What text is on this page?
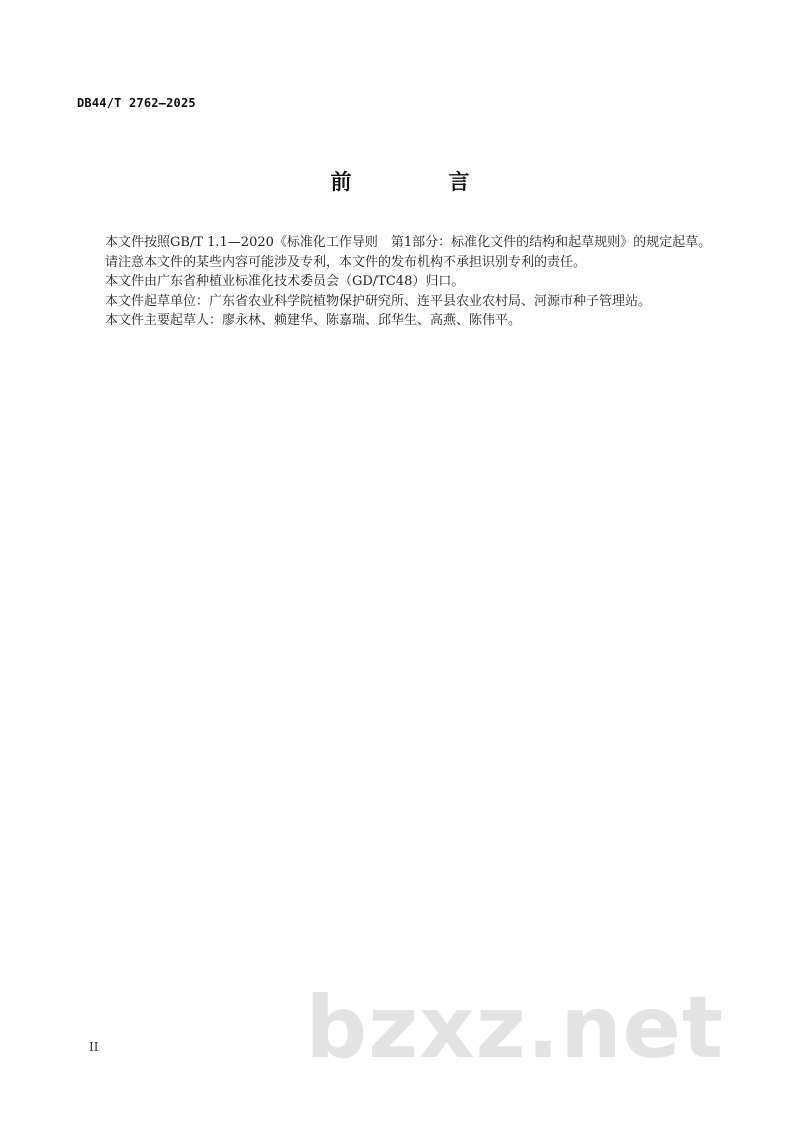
DB44/T 2762—2025
前　言

本文件按照GB/T 1.1—2020《标准化工作导则　第1部分：标准化文件的结构和起草规则》的规定起草。

请注意本文件的某些内容可能涉及专利，本文件的发布机构不承担识别专利的责任。

本文件由广东省种植业标准化技术委员会（GD/TC48）归口。

本文件起草单位：广东省农业科学院植物保护研究所、连平县农业农村局、河源市种子管理站。

本文件主要起草人：廖永林、赖建华、陈嘉瑞、邱华生、高燕、陈伟平。

II bzxz.net
